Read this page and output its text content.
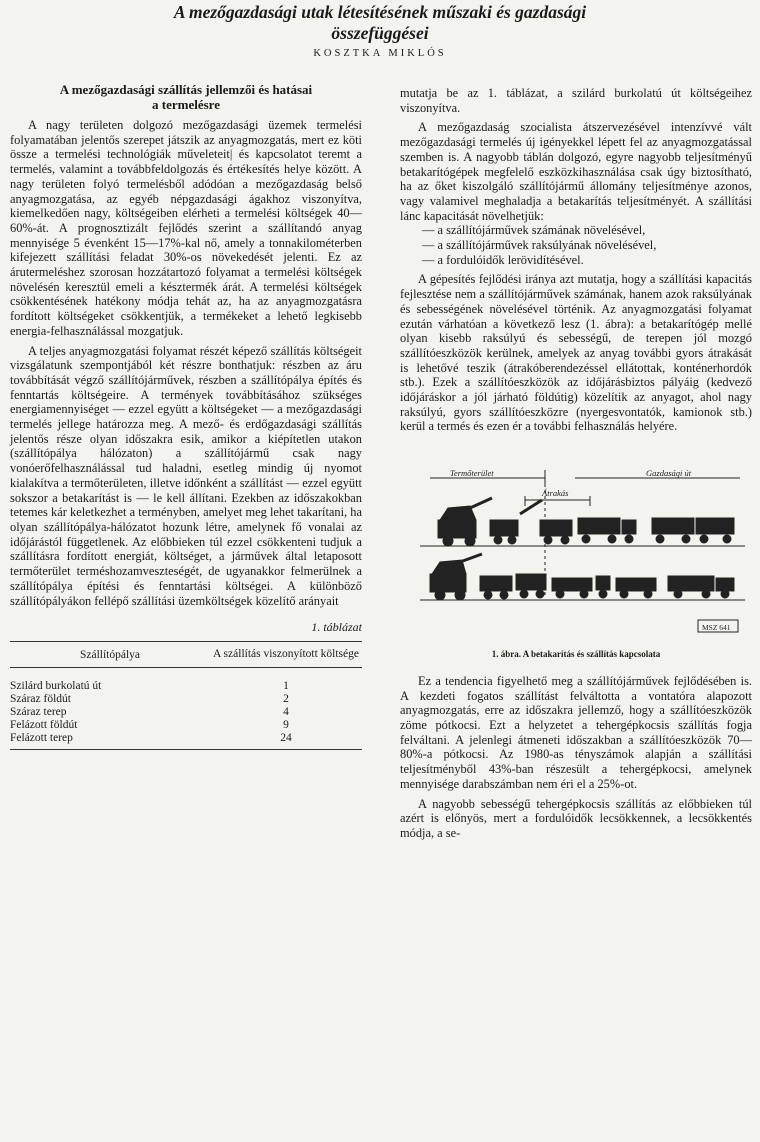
A mezőgazdasági utak létesítésének műszaki és gazdasági
összefüggései
KOSZTKA MIKLÓS
A mezőgazdasági szállítás jellemzői és hatásai
a termelésre

A nagy területen dolgozó mezőgazdasági üzemek termelési folyamatában jelentős szerepet játszik az anyagmozgatás, mert ez köti össze a termelési technológiák műveleteit| és kapcsolatot teremt a termelés, valamint a továbbfeldolgozás és értékesítés helye között. A nagy területen folyó termelésből adódóan a mezőgazdaság belső anyagmozgatása, az egyéb népgazdasági ágakhoz viszonyítva, kiemelkedően nagy, költségeiben elérheti a termelési költségek 40—60%-át. A prognosztizált fejlődés szerint a szállítandó anyag mennyisége 5 évenként 15—17%-kal nő, amely a tonnakilométerben kifejezett szállítási feladat 30%-os növekedését jelenti. Ez az árutermeléshez szorosan hozzátartozó folyamat a termelési költségek növelésén keresztül emeli a késztermék árát. A termelési költségek csökkentésének hatékony módja tehát az, ha az anyagmozgatásra fordított költségeket csökkentjük, a termékeket a lehető legkisebb energia-felhasználással mozgatjuk.

A teljes anyagmozgatási folyamat részét képező szállítás költségeit vizsgálatunk szempontjából két részre bonthatjuk: részben az áru továbbítását végző szállítójárművek, részben a szállítópálya építés és fenntartás költségeire. A termények továbbításához szükséges energiamennyiséget — ezzel együtt a költségeket — a mezőgazdasági termelés jellege határozza meg. A mező- és erdőgazdasági szállítás jelentős része olyan időszakra esik, amikor a kiépítetlen utakon (szállítópálya hálózaton) a szállítójármű csak nagy vonóerőfelhasználással tud haladni, esetleg mindig új nyomot kialakítva a termőterületen, illetve időnként a szállítást — ezzel együtt sokszor a betakarítást is — le kell állítani. Ezekben az időszakokban tetemes kár keletkezhet a terményben, amelyet meg lehet takarítani, ha olyan szállítópálya-hálózatot hozunk létre, amelynek fő vonalai az időjárástól függetlenek. Az előbbieken túl ezzel csökkenteni tudjuk a szállításra fordított energiát, költséget, a járművek által letaposott termőterület terméshozamveszteségét, de ugyanakkor felmerülnek a szállítópálya építési és fenntartási költségei. A különböző szállítópályákon fellépő szállítási üzemköltségek közelítő arányait

1. táblázat
Szállítópálya	A szállítás viszonyított költsége
Szilárd burkolatú út	1
Száraz földút	2
Száraz terep	4
Felázott földút	9
Felázott terep	24

mutatja be az 1. táblázat, a szilárd burkolatú út költségeihez viszonyítva.

A mezőgazdaság szocialista átszervezésével intenzívvé vált mezőgazdasági termelés új igényekkel lépett fel az anyagmozgatással szemben is. A nagyobb táblán dolgozó, egyre nagyobb teljesítményű betakarítógépek megfelelő eszközkihasználása csak úgy biztosítható, ha az őket kiszolgáló szállítójármű állomány teljesítménye azonos, vagy valamivel meghaladja a betakarítás teljesítményét. A szállítási lánc kapacitását növelhetjük:

— a szállítójárművek számának növelésével,

— a szállítójárművek raksúlyának növelésével,

— a fordulóidők lerövidítésével.

A gépesítés fejlődési iránya azt mutatja, hogy a szállítási kapacitás fejlesztése nem a szállítójárművek számának, hanem azok raksúlyának és sebességének növelésével történik. Az anyagmozgatási folyamat ezután várhatóan a következő lesz (1. ábra): a betakarítógép mellé olyan kisebb raksúlyú és sebességű, de terepen jól mozgó szállítóeszközök kerülnek, amelyek az anyag további gyors átrakását is lehetővé teszik (átrakóberendezéssel ellátottak, konténerhordók stb.). Ezek a szállítóeszközök az időjárásbiztos pályáig (kedvező időjáráskor a jól járható földútig) közelítik az anyagot, ahol nagy raksúlyú, gyors szállítóeszközre (nyergesvontatók, kamionok stb.) kerül a termés és ezen ér a további felhasználás helyére.

Termőterület	Gazdasági út
Átrakás
MSZ 641
1. ábra. A betakarítás és szállítás kapcsolata

Ez a tendencia figyelhető meg a szállítójárművek fejlődésében is. A kezdeti fogatos szállítást felváltotta a vontatóra alapozott anyagmozgatás, erre az időszakra jellemző, hogy a szállítóeszközök zöme pótkocsi. Ezt a helyzetet a tehergépkocsis szállítás fogja felváltani. A jelenlegi átmeneti időszakban a szállítóeszközök 70—80%-a pótkocsi. Az 1980-as tényszámok alapján a szállítási teljesítményből 43%-ban részesült a tehergépkocsi, amelynek mennyisége darabszámban nem éri el a 25%-ot.

A nagyobb sebességű tehergépkocsis szállítás az előbbieken túl azért is előnyös, mert a fordulóidők lecsökkennek, a lecsökkentés módja, a se-
